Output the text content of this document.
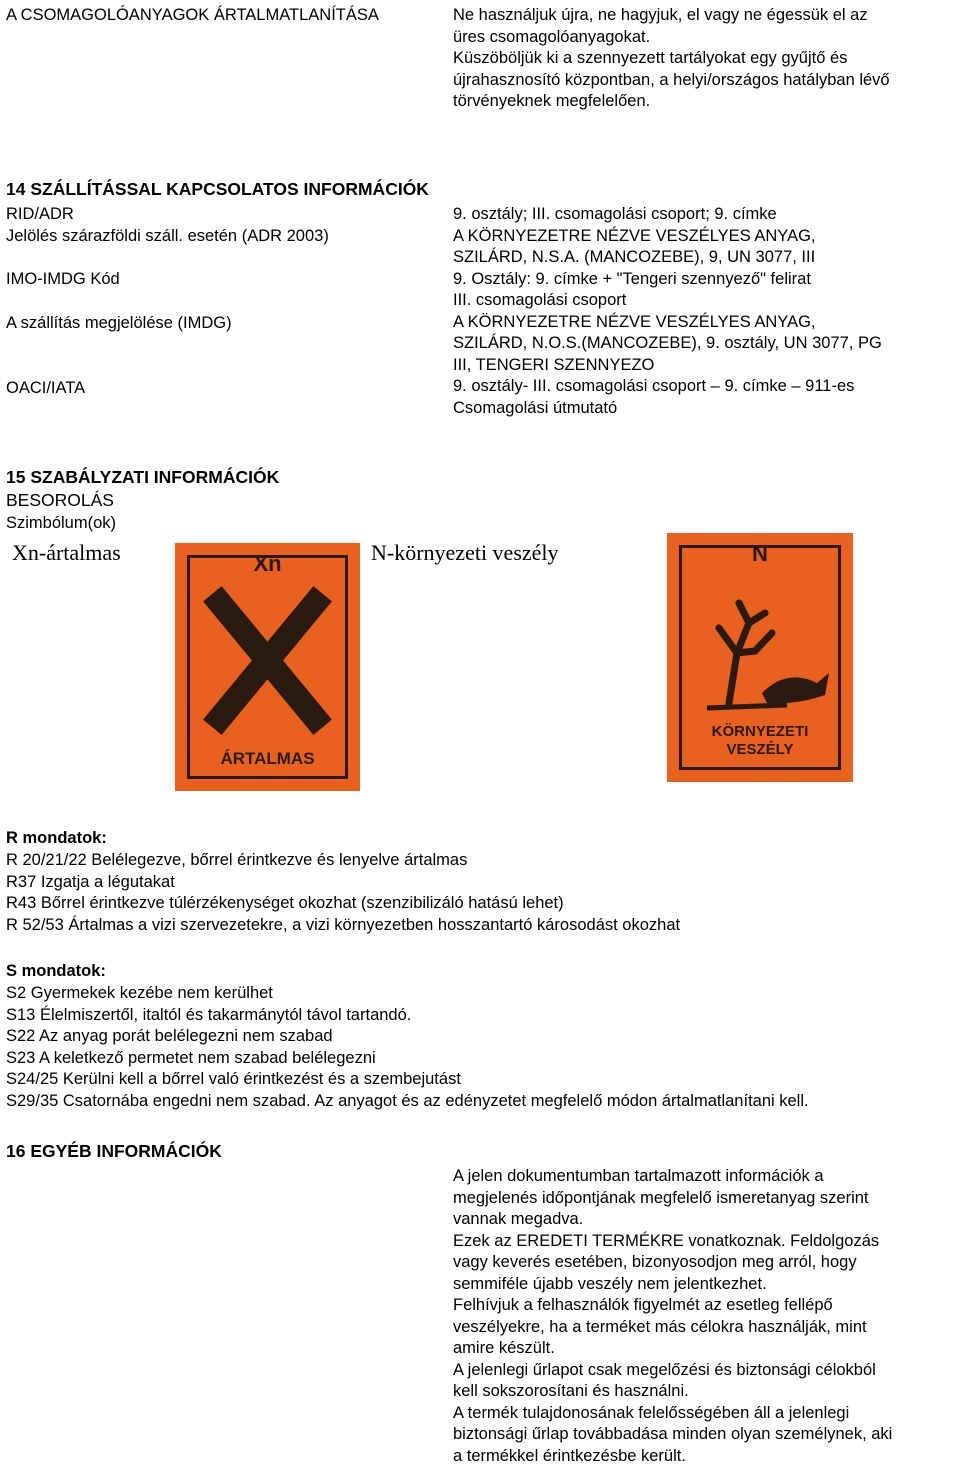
A CSOMAGOLÓANYAGOK ÁRTALMATLANÍTÁSA	Ne használjuk újra, ne hagyjuk, el vagy ne égessük el az
üres csomagolóanyagokat.
Küszöböljük ki a szennyezett tartályokat egy gyűjtő és
újrahasznosító központban, a helyi/országos hatályban lévő
törvényeknek megfelelően.
14 SZÁLLÍTÁSSAL KAPCSOLATOS INFORMÁCIÓK
RID/ADR
Jelölés szárazföldi száll. esetén (ADR 2003)
IMO-IMDG Kód
A szállítás megjelölése (IMDG)
OACI/IATA
9. osztály; III. csomagolási csoport; 9. címke
A KÖRNYEZETRE NÉZVE VESZÉLYES ANYAG,
SZILÁRD, N.S.A. (MANCOZEBE), 9, UN 3077, III
9. Osztály: 9. címke + "Tengeri szennyező" felirat
III. csomagolási csoport
A KÖRNYEZETRE NÉZVE VESZÉLYES ANYAG,
SZILÁRD, N.O.S.(MANCOZEBE), 9. osztály, UN 3077, PG
III, TENGERI SZENNYEZO
9. osztály- III. csomagolási csoport – 9. címke – 911-es
Csomagolási útmutató
15 SZABÁLYZATI INFORMÁCIÓK
BESOROLÁS
Szimbólum(ok)
Xn-ártalmas	N-környezeti veszély
Xn
ÁRTALMAS
N
KÖRNYEZETI
VESZÉLY
R mondatok:
R 20/21/22 Belélegezve, bőrrel érintkezve és lenyelve ártalmas
R37 Izgatja a légutakat
R43 Bőrrel érintkezve túlérzékenységet okozhat (szenzibilizáló hatású lehet)
R 52/53 Ártalmas a vizi szervezetekre, a vizi környezetben hosszantartó károsodást okozhat
S mondatok:
S2 Gyermekek kezébe nem kerülhet
S13 Élelmiszertől, italtól és takarmánytól távol tartandó.
S22 Az anyag porát belélegezni nem szabad
S23 A keletkező permetet nem szabad belélegezni
S24/25 Kerülni kell a bőrrel való érintkezést és a szembejutást
S29/35 Csatornába engedni nem szabad. Az anyagot és az edényzetet megfelelő módon ártalmatlanítani kell.
16 EGYÉB INFORMÁCIÓK
A jelen dokumentumban tartalmazott információk a
megjelenés időpontjának megfelelő ismeretanyag szerint
vannak megadva.
Ezek az EREDETI TERMÉKRE vonatkoznak. Feldolgozás
vagy keverés esetében, bizonyosodjon meg arról, hogy
semmiféle újabb veszély nem jelentkezhet.
Felhívjuk a felhasználók figyelmét az esetleg fellépő
veszélyekre, ha a terméket más célokra használják, mint
amire készült.
A jelenlegi űrlapot csak megelőzési és biztonsági célokból
kell sokszorosítani és használni.
A termék tulajdonosának felelősségében áll a jelenlegi
biztonsági űrlap továbbadása minden olyan személynek, aki
a termékkel érintkezésbe került.
